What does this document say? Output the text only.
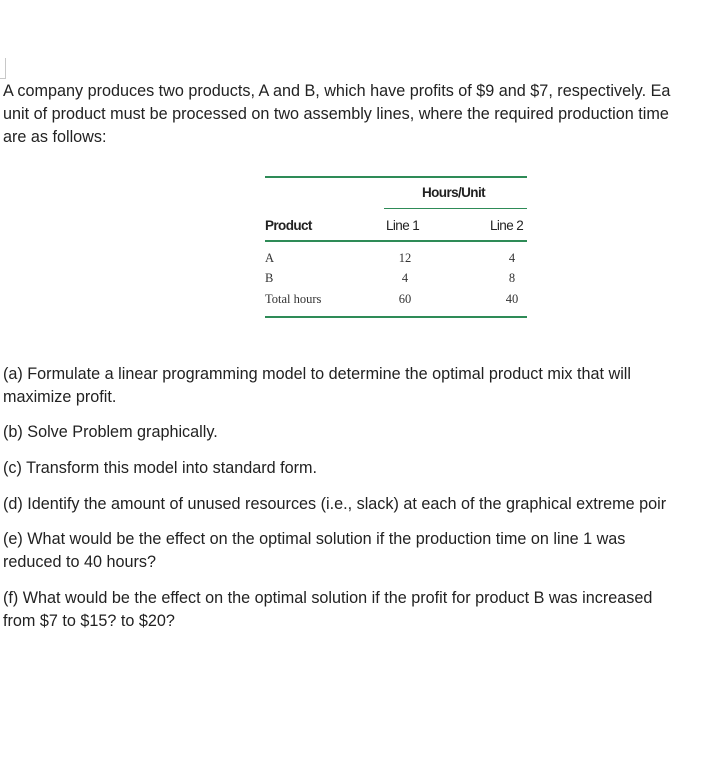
A company produces two products, A and B, which have profits of $9 and $7, respectively. Ea
unit of product must be processed on two assembly lines, where the required production time
are as follows:
Hours/Unit
Product	Line 1	Line 2
A	12	4
B	4	8
Total hours	60	40
(a) Formulate a linear programming model to determine the optimal product mix that will
maximize profit.
(b) Solve Problem graphically.
(c) Transform this model into standard form.
(d) Identify the amount of unused resources (i.e., slack) at each of the graphical extreme poir
(e) What would be the effect on the optimal solution if the production time on line 1 was
reduced to 40 hours?
(f) What would be the effect on the optimal solution if the profit for product B was increased
from $7 to $15? to $20?
